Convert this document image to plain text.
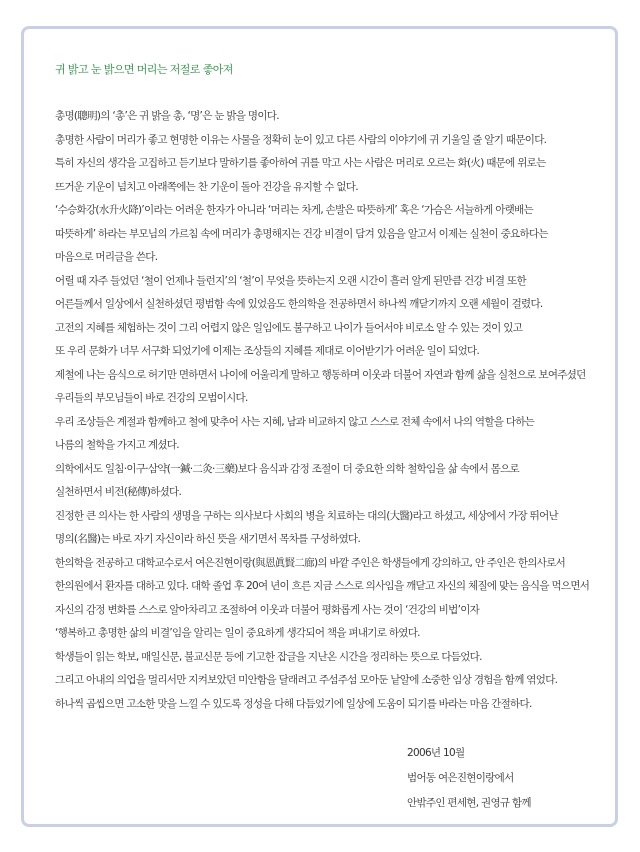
귀 밝고 눈 밝으면 머리는 저절로 좋아져
총명(聰明)의 ‘총’은 귀 밝을 총, ‘명’은 눈 밝을 명이다.
총명한 사람이 머리가 좋고 현명한 이유는 사물을 정확히 눈이 있고 다른 사람의 이야기에 귀 기울일 줄 알기 때문이다.
특히 자신의 생각을 고집하고 듣기보다 말하기를 좋아하여 귀를 막고 사는 사람은 머리로 오르는 화(火) 때문에 위로는
뜨거운 기운이 넘치고 아래쪽에는 찬 기운이 돌아 건강을 유지할 수 없다.
‘수승화강(水升火降)’이라는 어려운 한자가 아니라 ‘머리는 차게, 손발은 따뜻하게’ 혹은 ‘가슴은 서늘하게 아랫배는
따뜻하게’ 하라는 부모님의 가르침 속에 머리가 총명해지는 건강 비결이 담겨 있음을 알고서 이제는 실천이 중요하다는
마음으로 머리글을 쓴다.
어릴 때 자주 들었던 ‘철이 언제나 들런지’의 ‘철’이 무엇을 뜻하는지 오랜 시간이 흘러 알게 된만큼 건강 비결 또한
어른들께서 일상에서 실천하셨던 평범함 속에 있었음도 한의학을 전공하면서 하나씩 깨닫기까지 오랜 세월이 걸렸다.
고전의 지혜를 체험하는 것이 그리 어렵지 않은 일임에도 불구하고 나이가 들어서야 비로소 알 수 있는 것이 있고
또 우리 문화가 너무 서구화 되었기에 이제는 조상들의 지혜를 제대로 이어받기가 어려운 일이 되었다.
제철에 나는 음식으로 허기만 면하면서 나이에 어울리게 말하고 행동하며 이웃과 더불어 자연과 함께 삶을 실천으로 보여주셨던
우리들의 부모님들이 바로 건강의 모범이시다.
우리 조상들은 계절과 함께하고 철에 맞추어 사는 지혜, 남과 비교하지 않고 스스로 전체 속에서 나의 역할을 다하는
나름의 철학을 가지고 계셨다.
의학에서도 일침·이구·삼약(一鍼·二灸·三藥)보다 음식과 감정 조절이 더 중요한 의학 철학임을 삶 속에서 몸으로
실천하면서 비전(秘傳)하셨다.
진정한 큰 의사는 한 사람의 생명을 구하는 의사보다 사회의 병을 치료하는 대의(大醫)라고 하셨고, 세상에서 가장 뛰어난
명의(名醫)는 바로 자기 자신이라 하신 뜻을 새기면서 목차를 구성하였다.
한의학을 전공하고 대학교수로서 여은진현이랑(與恩眞賢二廊)의 바깥 주인은 학생들에게 강의하고, 안 주인은 한의사로서
한의원에서 환자를 대하고 있다. 대학 졸업 후 20여 년이 흐른 지금 스스로 의사임을 깨닫고 자신의 체질에 맞는 음식을 먹으면서
자신의 감정 변화를 스스로 알아차리고 조절하여 이웃과 더불어 평화롭게 사는 것이 ‘건강의 비법’이자
‘행복하고 총명한 삶의 비결’임을 알리는 일이 중요하게 생각되어 책을 펴내기로 하였다.
학생들이 읽는 학보, 매일신문, 불교신문 등에 기고한 잡글을 지난온 시간을 정리하는 뜻으로 다듬었다.
그리고 아내의 의업을 멀리서만 지켜보았던 미안함을 달래려고 주섬주섬 모아둔 낱알에 소중한 임상 경험을 함께 엮었다.
하나씩 곱씹으면 고소한 맛을 느낄 수 있도록 정성을 다해 다듬었기에 일상에 도움이 되기를 바라는 마음 간절하다.
2006년 10월
범어동 여은진현이랑에서
안밖주인 편세현, 권영규 함께
